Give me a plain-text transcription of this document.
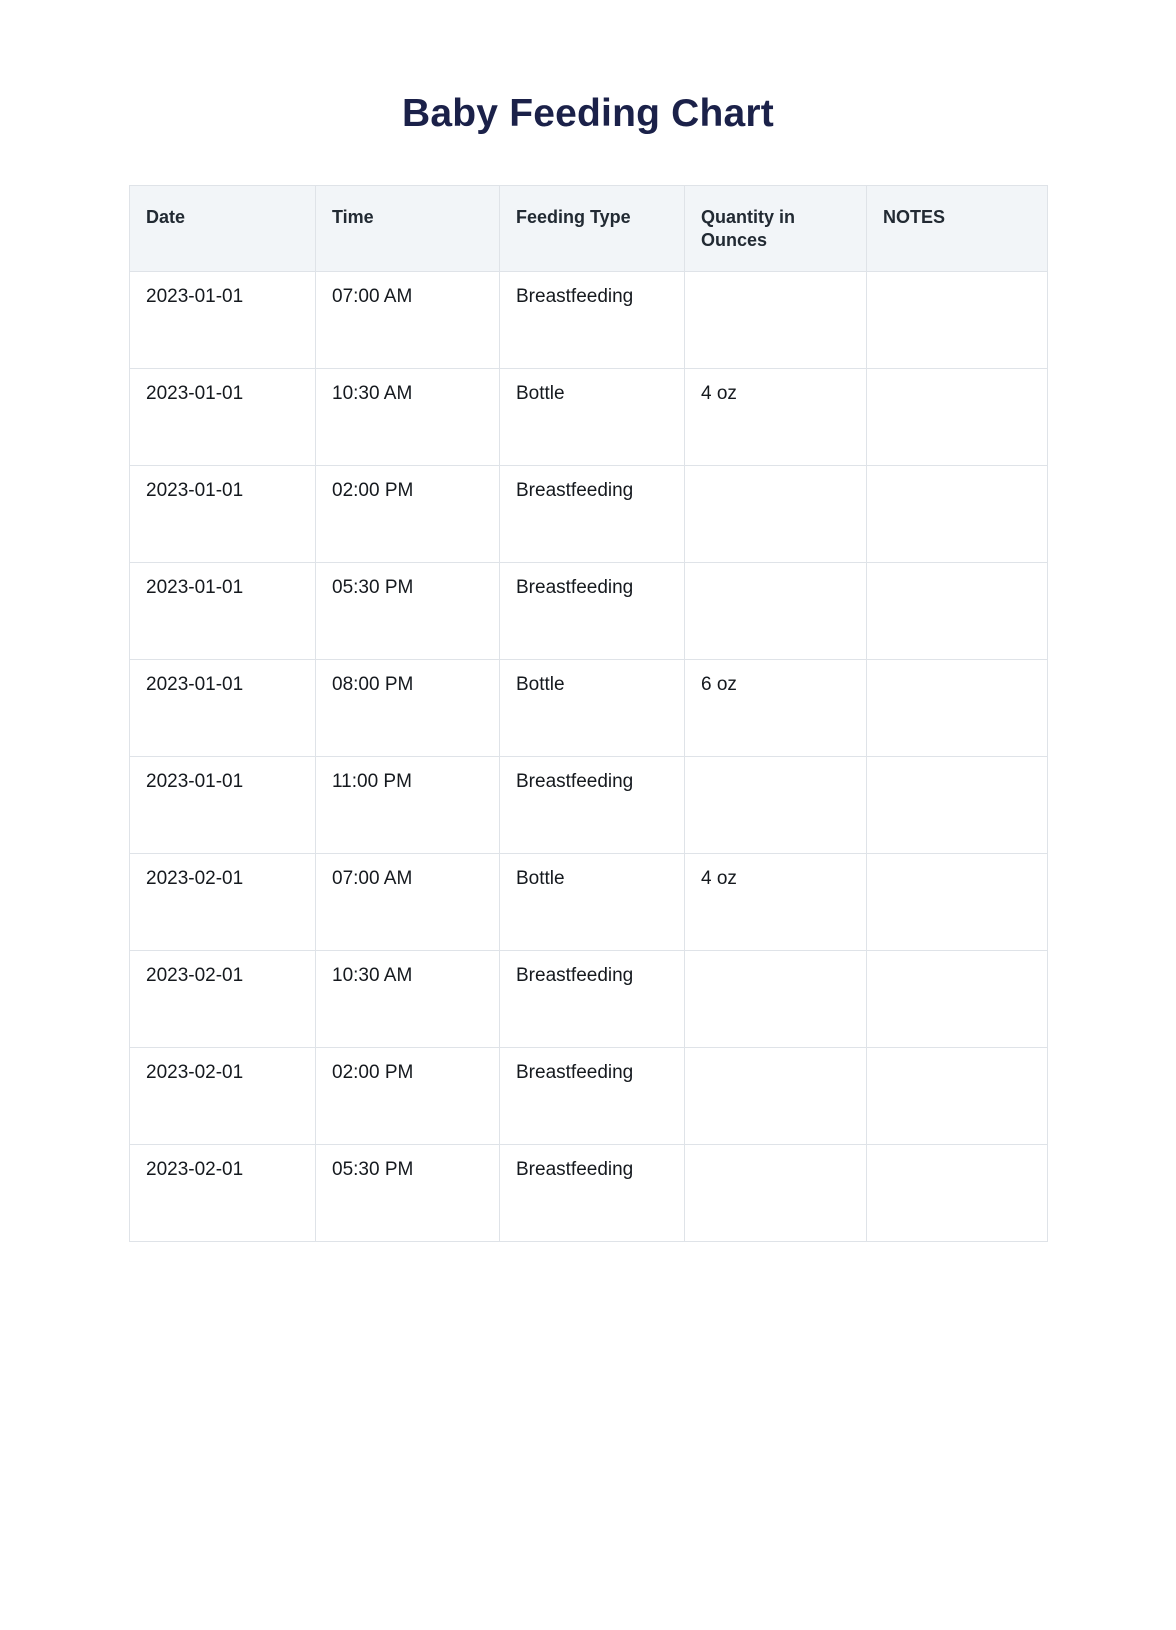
Baby Feeding Chart
Date	Time	Feeding Type	Quantity in Ounces	NOTES
2023-01-01	07:00 AM	Breastfeeding		
2023-01-01	10:30 AM	Bottle	4 oz	
2023-01-01	02:00 PM	Breastfeeding		
2023-01-01	05:30 PM	Breastfeeding		
2023-01-01	08:00 PM	Bottle	6 oz	
2023-01-01	11:00 PM	Breastfeeding		
2023-02-01	07:00 AM	Bottle	4 oz	
2023-02-01	10:30 AM	Breastfeeding		
2023-02-01	02:00 PM	Breastfeeding		
2023-02-01	05:30 PM	Breastfeeding		
